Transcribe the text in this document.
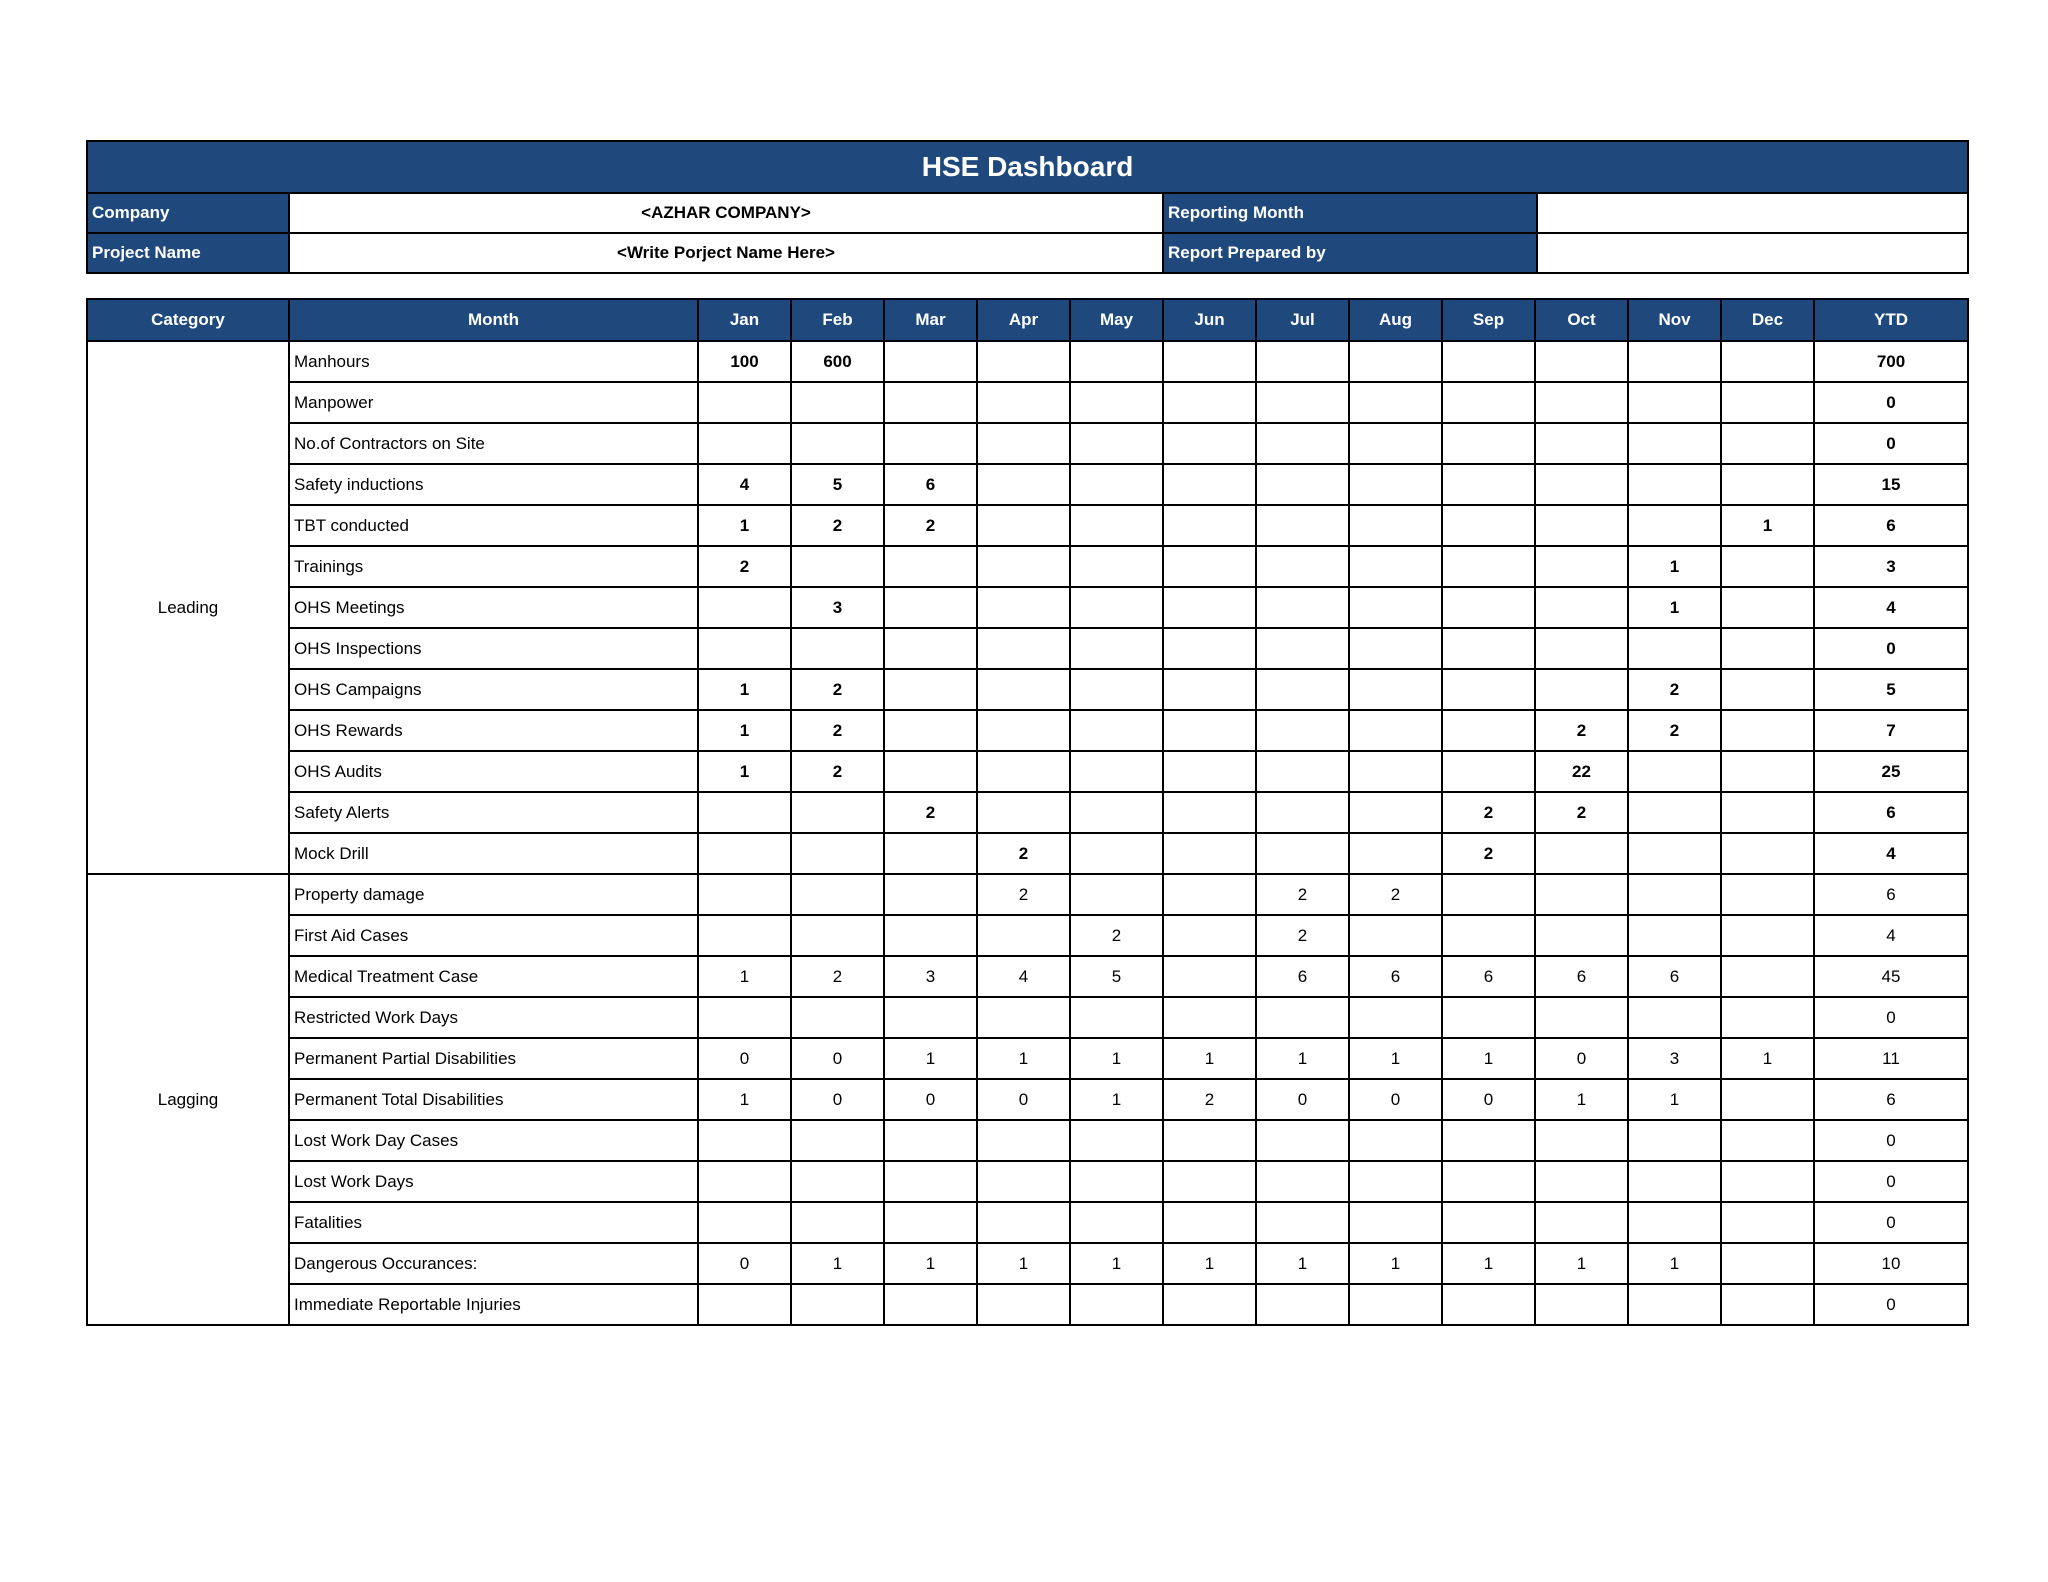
HSE Dashboard			
Company	<AZHAR COMPANY>	Reporting Month	
Project Name	<Write Porject Name Here>	Report Prepared by	
Category	Month	Jan	Feb	Mar	Apr	May	Jun	Jul	Aug	Sep	Oct	Nov	Dec	YTD
Leading	Manhours	100	600											700
	Manpower													0
	No.of Contractors on Site													0
	Safety inductions	4	5	6										15
	TBT conducted	1	2	2									1	6
	Trainings	2										1		3
	OHS Meetings		3									1		4
	OHS Inspections													0
	OHS Campaigns	1	2									2		5
	OHS Rewards	1	2								2	2		7
	OHS Audits	1	2								22			25
	Safety Alerts			2						2	2			6
	Mock Drill				2					2				4
Lagging	Property damage				2			2	2					6
	First Aid Cases					2		2						4
	Medical Treatment Case	1	2	3	4	5		6	6	6	6	6		45
	Restricted Work Days													0
	Permanent Partial Disabilities	0	0	1	1	1	1	1	1	1	0	3	1	11
	Permanent Total Disabilities	1	0	0	0	1	2	0	0	0	1	1		6
	Lost Work Day Cases													0
	Lost Work Days													0
	Fatalities													0
	Dangerous Occurances:	0	1	1	1	1	1	1	1	1	1	1		10
	Immediate Reportable Injuries													0
